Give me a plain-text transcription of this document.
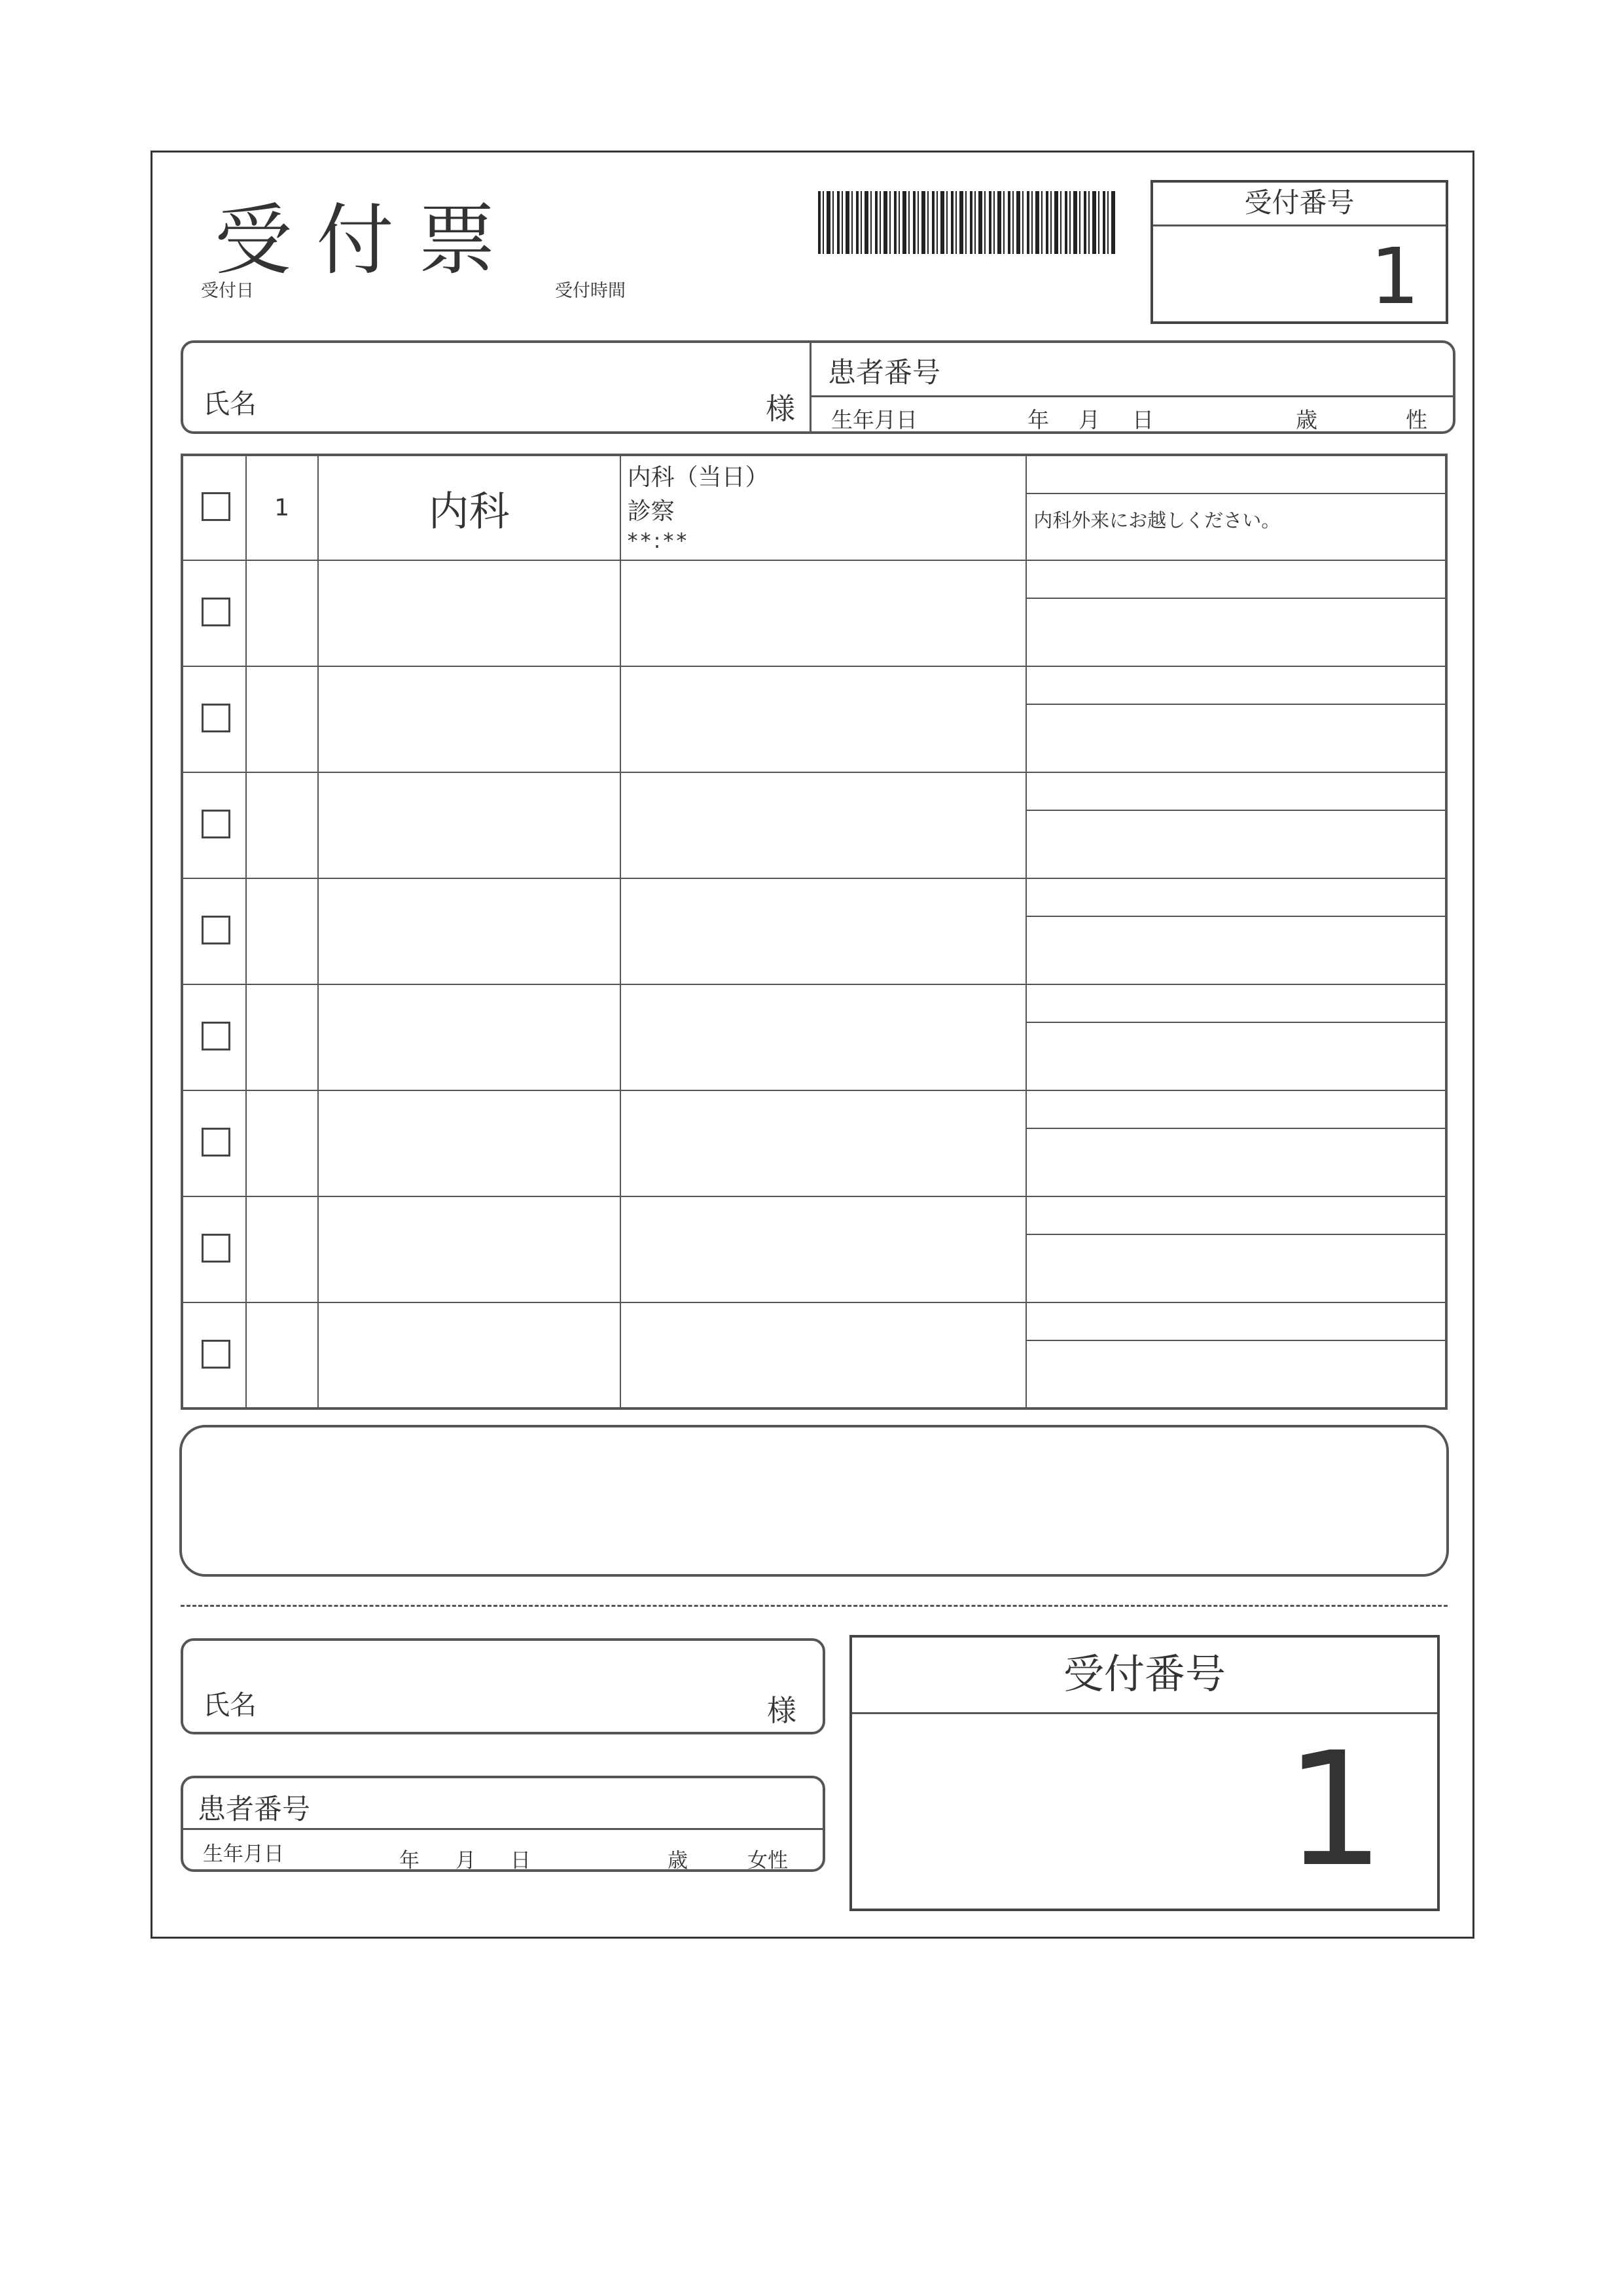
受 付 票
受付日	受付時間
受付番号
1
氏名	様
患者番号
生年月日	年 月 日	歳	性

	1	内科	内科（当日）
診察
**:**	内科外来にお越しください。

氏名	様
患者番号
生年月日	年 月 日	歳	女性
受付番号
1
